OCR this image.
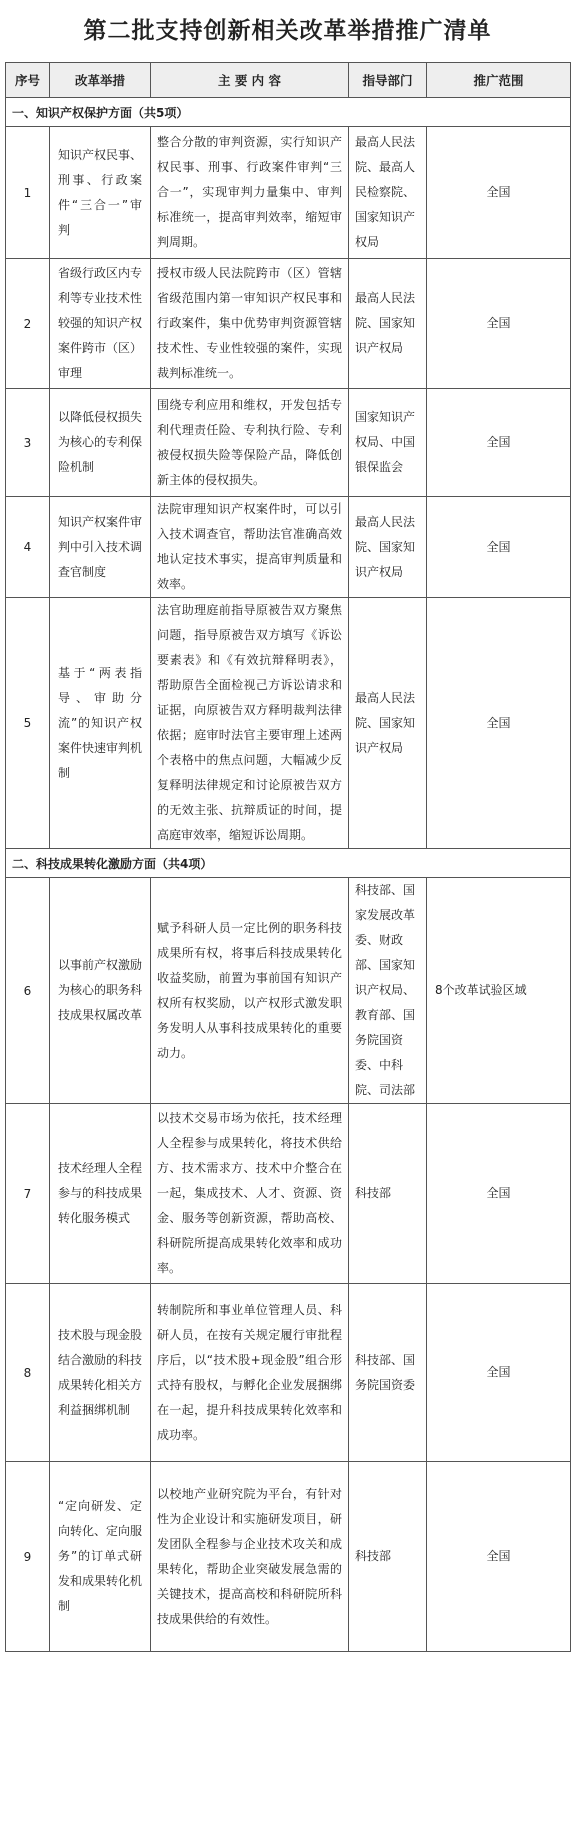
第二批支持创新相关改革举措推广清单
序号	改革举措	主 要 内 容	指导部门	推广范围
一、知识产权保护方面（共5项）				
1	知识产权民事、刑事、行政案件“三合一”审判	整合分散的审判资源，实行知识产权民事、刑事、行政案件审判“三合一”，实现审判力量集中、审判标准统一，提高审判效率，缩短审判周期。	最高人民法院、最高人民检察院、国家知识产权局	全国
2	省级行政区内专利等专业技术性较强的知识产权案件跨市（区）审理	授权市级人民法院跨市（区）管辖省级范围内第一审知识产权民事和行政案件，集中优势审判资源管辖技术性、专业性较强的案件，实现裁判标准统一。	最高人民法院、国家知识产权局	全国
3	以降低侵权损失为核心的专利保险机制	围绕专利应用和维权，开发包括专利代理责任险、专利执行险、专利被侵权损失险等保险产品，降低创新主体的侵权损失。	国家知识产权局、中国银保监会	全国
4	知识产权案件审判中引入技术调查官制度	法院审理知识产权案件时，可以引入技术调查官，帮助法官准确高效地认定技术事实，提高审判质量和效率。	最高人民法院、国家知识产权局	全国
5	基于“两表指导、审助分流”的知识产权案件快速审判机制	法官助理庭前指导原被告双方聚焦问题，指导原被告双方填写《诉讼要素表》和《有效抗辩释明表》，帮助原告全面检视己方诉讼请求和证据，向原被告双方释明裁判法律依据；庭审时法官主要审理上述两个表格中的焦点问题，大幅减少反复释明法律规定和讨论原被告双方的无效主张、抗辩质证的时间，提高庭审效率，缩短诉讼周期。	最高人民法院、国家知识产权局	全国
二、科技成果转化激励方面（共4项）				
6	以事前产权激励为核心的职务科技成果权属改革	赋予科研人员一定比例的职务科技成果所有权，将事后科技成果转化收益奖励，前置为事前国有知识产权所有权奖励，以产权形式激发职务发明人从事科技成果转化的重要动力。	科技部、国家发展改革委、财政部、国家知识产权局、教育部、国务院国资委、中科院、司法部	8个改革试验区域
7	技术经理人全程参与的科技成果转化服务模式	以技术交易市场为依托，技术经理人全程参与成果转化，将技术供给方、技术需求方、技术中介整合在一起，集成技术、人才、资源、资金、服务等创新资源，帮助高校、科研院所提高成果转化效率和成功率。	科技部	全国
8	技术股与现金股结合激励的科技成果转化相关方利益捆绑机制	转制院所和事业单位管理人员、科研人员，在按有关规定履行审批程序后，以“技术股+现金股”组合形式持有股权，与孵化企业发展捆绑在一起，提升科技成果转化效率和成功率。	科技部、国务院国资委	全国
9	“定向研发、定向转化、定向服务”的订单式研发和成果转化机制	以校地产业研究院为平台，有针对性为企业设计和实施研发项目，研发团队全程参与企业技术攻关和成果转化，帮助企业突破发展急需的关键技术，提高高校和科研院所科技成果供给的有效性。	科技部	全国
